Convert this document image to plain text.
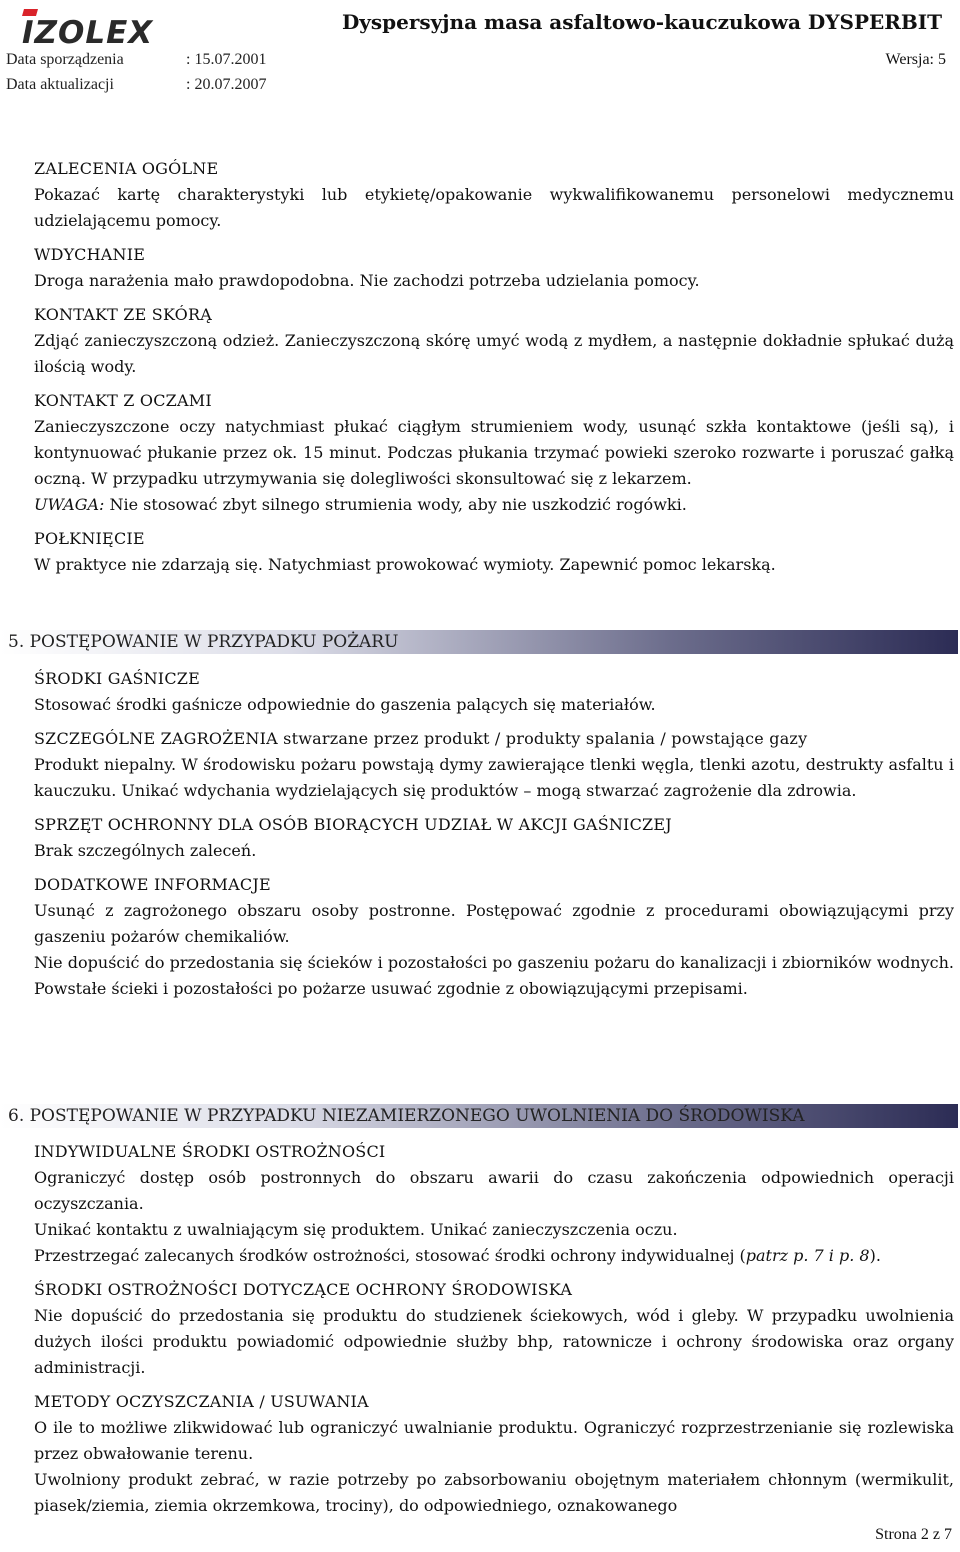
IZOLEX	Dyspersyjna masa asfaltowo-kauczukowa DYSPERBIT
Data sporządzenia	: 15.07.2001
Data aktualizacji	: 20.07.2007
Wersja: 5
ZALECENIA OGÓLNE
Pokazać kartę charakterystyki lub etykietę/opakowanie wykwalifikowanemu personelowi medycznemu udzielającemu pomocy.
WDYCHANIE
Droga narażenia mało prawdopodobna. Nie zachodzi potrzeba udzielania pomocy.
KONTAKT ZE SKÓRĄ
Zdjąć zanieczyszczoną odzież. Zanieczyszczoną skórę umyć wodą z mydłem, a następnie dokładnie spłukać dużą ilością wody.
KONTAKT Z OCZAMI
Zanieczyszczone oczy natychmiast płukać ciągłym strumieniem wody, usunąć szkła kontaktowe (jeśli są), i kontynuować płukanie przez ok. 15 minut. Podczas płukania trzymać powieki szeroko rozwarte i poruszać gałką oczną. W przypadku utrzymywania się dolegliwości skonsultować się z lekarzem.
UWAGA: Nie stosować zbyt silnego strumienia wody, aby nie uszkodzić rogówki.
POŁKNIĘCIE
W praktyce nie zdarzają się. Natychmiast prowokować wymioty. Zapewnić pomoc lekarską.
5. POSTĘPOWANIE W PRZYPADKU POŻARU
ŚRODKI GAŚNICZE
Stosować środki gaśnicze odpowiednie do gaszenia palących się materiałów.
SZCZEGÓLNE ZAGROŻENIA stwarzane przez produkt / produkty spalania / powstające gazy
Produkt niepalny. W środowisku pożaru powstają dymy zawierające tlenki węgla, tlenki azotu, destrukty asfaltu i kauczuku. Unikać wdychania wydzielających się produktów – mogą stwarzać zagrożenie dla zdrowia.
SPRZĘT OCHRONNY DLA OSÓB BIORĄCYCH UDZIAŁ W AKCJI GAŚNICZEJ
Brak szczególnych zaleceń.
DODATKOWE INFORMACJE
Usunąć z zagrożonego obszaru osoby postronne. Postępować zgodnie z procedurami obowiązującymi przy gaszeniu pożarów chemikaliów.
Nie dopuścić do przedostania się ścieków i pozostałości po gaszeniu pożaru do kanalizacji i zbiorników wodnych. Powstałe ścieki i pozostałości po pożarze usuwać zgodnie z obowiązującymi przepisami.
6. POSTĘPOWANIE W PRZYPADKU NIEZAMIERZONEGO UWOLNIENIA DO ŚRODOWISKA
INDYWIDUALNE ŚRODKI OSTROŻNOŚCI
Ograniczyć dostęp osób postronnych do obszaru awarii do czasu zakończenia odpowiednich operacji oczyszczania.
Unikać kontaktu z uwalniającym się produktem. Unikać zanieczyszczenia oczu.
Przestrzegać zalecanych środków ostrożności, stosować środki ochrony indywidualnej (patrz p. 7 i p. 8).
ŚRODKI OSTROŻNOŚCI DOTYCZĄCE OCHRONY ŚRODOWISKA
Nie dopuścić do przedostania się produktu do studzienek ściekowych, wód i gleby. W przypadku uwolnienia dużych ilości produktu powiadomić odpowiednie służby bhp, ratownicze i ochrony środowiska oraz organy administracji.
METODY OCZYSZCZANIA / USUWANIA
O ile to możliwe zlikwidować lub ograniczyć uwalnianie produktu. Ograniczyć rozprzestrzenianie się rozlewiska przez obwałowanie terenu.
Uwolniony produkt zebrać, w razie potrzeby po zabsorbowaniu obojętnym materiałem chłonnym (wermikulit, piasek/ziemia, ziemia okrzemkowa, trociny), do odpowiedniego, oznakowanego
Strona 2 z 7
